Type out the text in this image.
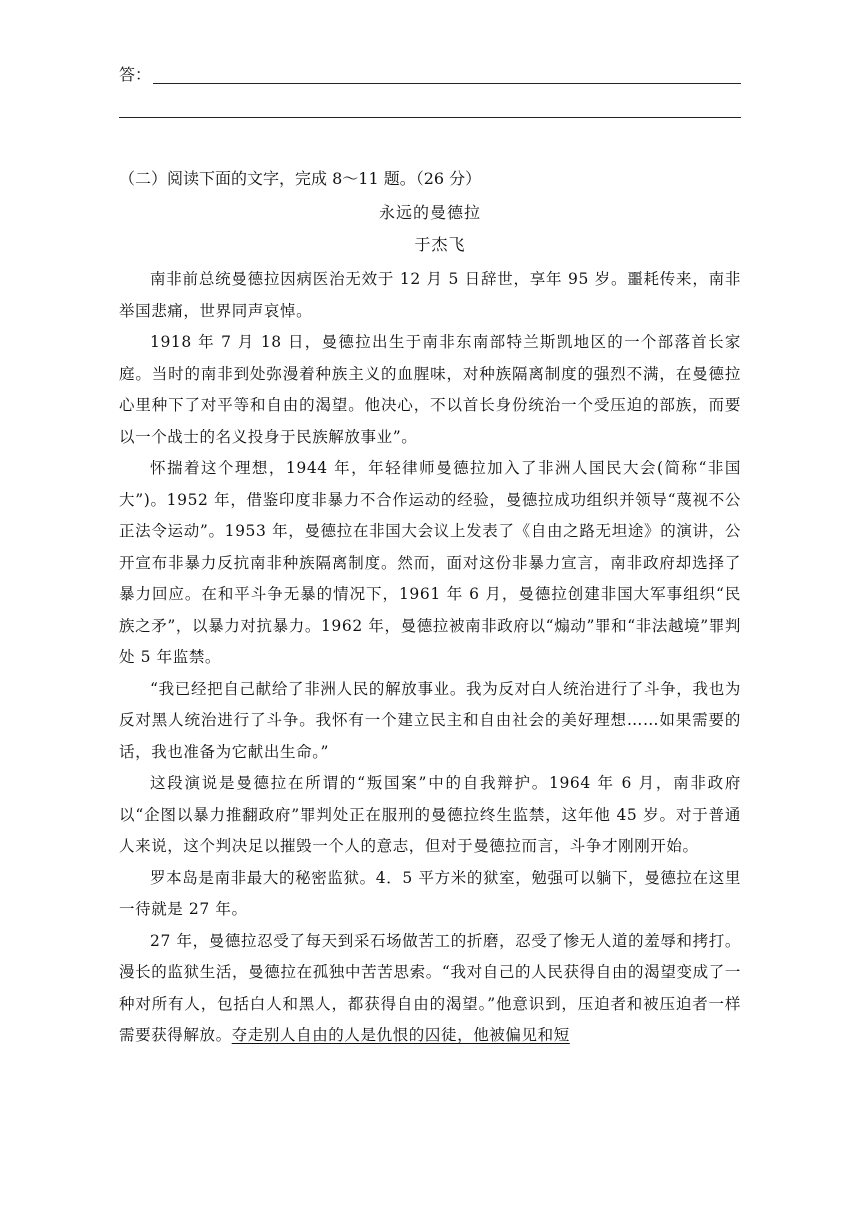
答：
（二）阅读下面的文字，完成 8～11 题。（26 分）
永远的曼德拉
于杰飞

南非前总统曼德拉因病医治无效于 12 月 5 日辞世，享年 95 岁。噩耗传来，南非举国悲痛，世界同声哀悼。

1918 年 7 月 18 日，曼德拉出生于南非东南部特兰斯凯地区的一个部落首长家庭。当时的南非到处弥漫着种族主义的血腥味，对种族隔离制度的强烈不满，在曼德拉心里种下了对平等和自由的渴望。他决心，不以首长身份统治一个受压迫的部族，而要以一个战士的名义投身于民族解放事业”。

怀揣着这个理想，1944 年，年轻律师曼德拉加入了非洲人国民大会(简称“非国大”)。1952 年，借鉴印度非暴力不合作运动的经验，曼德拉成功组织并领导“蔑视不公正法令运动”。1953 年，曼德拉在非国大会议上发表了《自由之路无坦途》的演讲，公开宣布非暴力反抗南非种族隔离制度。然而，面对这份非暴力宣言，南非政府却选择了暴力回应。在和平斗争无暴的情况下，1961 年 6 月，曼德拉创建非国大军事组织“民族之矛”，以暴力对抗暴力。1962 年，曼德拉被南非政府以“煽动”罪和“非法越境”罪判处 5 年监禁。

“我已经把自己献给了非洲人民的解放事业。我为反对白人统治进行了斗争，我也为反对黑人统治进行了斗争。我怀有一个建立民主和自由社会的美好理想……如果需要的话，我也准备为它献出生命。”

这段演说是曼德拉在所谓的“叛国案”中的自我辩护。1964 年 6 月，南非政府以“企图以暴力推翻政府”罪判处正在服刑的曼德拉终生监禁，这年他 45 岁。对于普通人来说，这个判决足以摧毁一个人的意志，但对于曼德拉而言，斗争才刚刚开始。

罗本岛是南非最大的秘密监狱。4．5 平方米的狱室，勉强可以躺下，曼德拉在这里一待就是 27 年。

27 年，曼德拉忍受了每天到采石场做苦工的折磨，忍受了惨无人道的羞辱和拷打。漫长的监狱生活，曼德拉在孤独中苦苦思索。“我对自己的人民获得自由的渴望变成了一种对所有人，包括白人和黑人，都获得自由的渴望。”他意识到，压迫者和被压迫者一样需要获得解放。夺走别人自由的人是仇恨的囚徒，他被偏见和短
